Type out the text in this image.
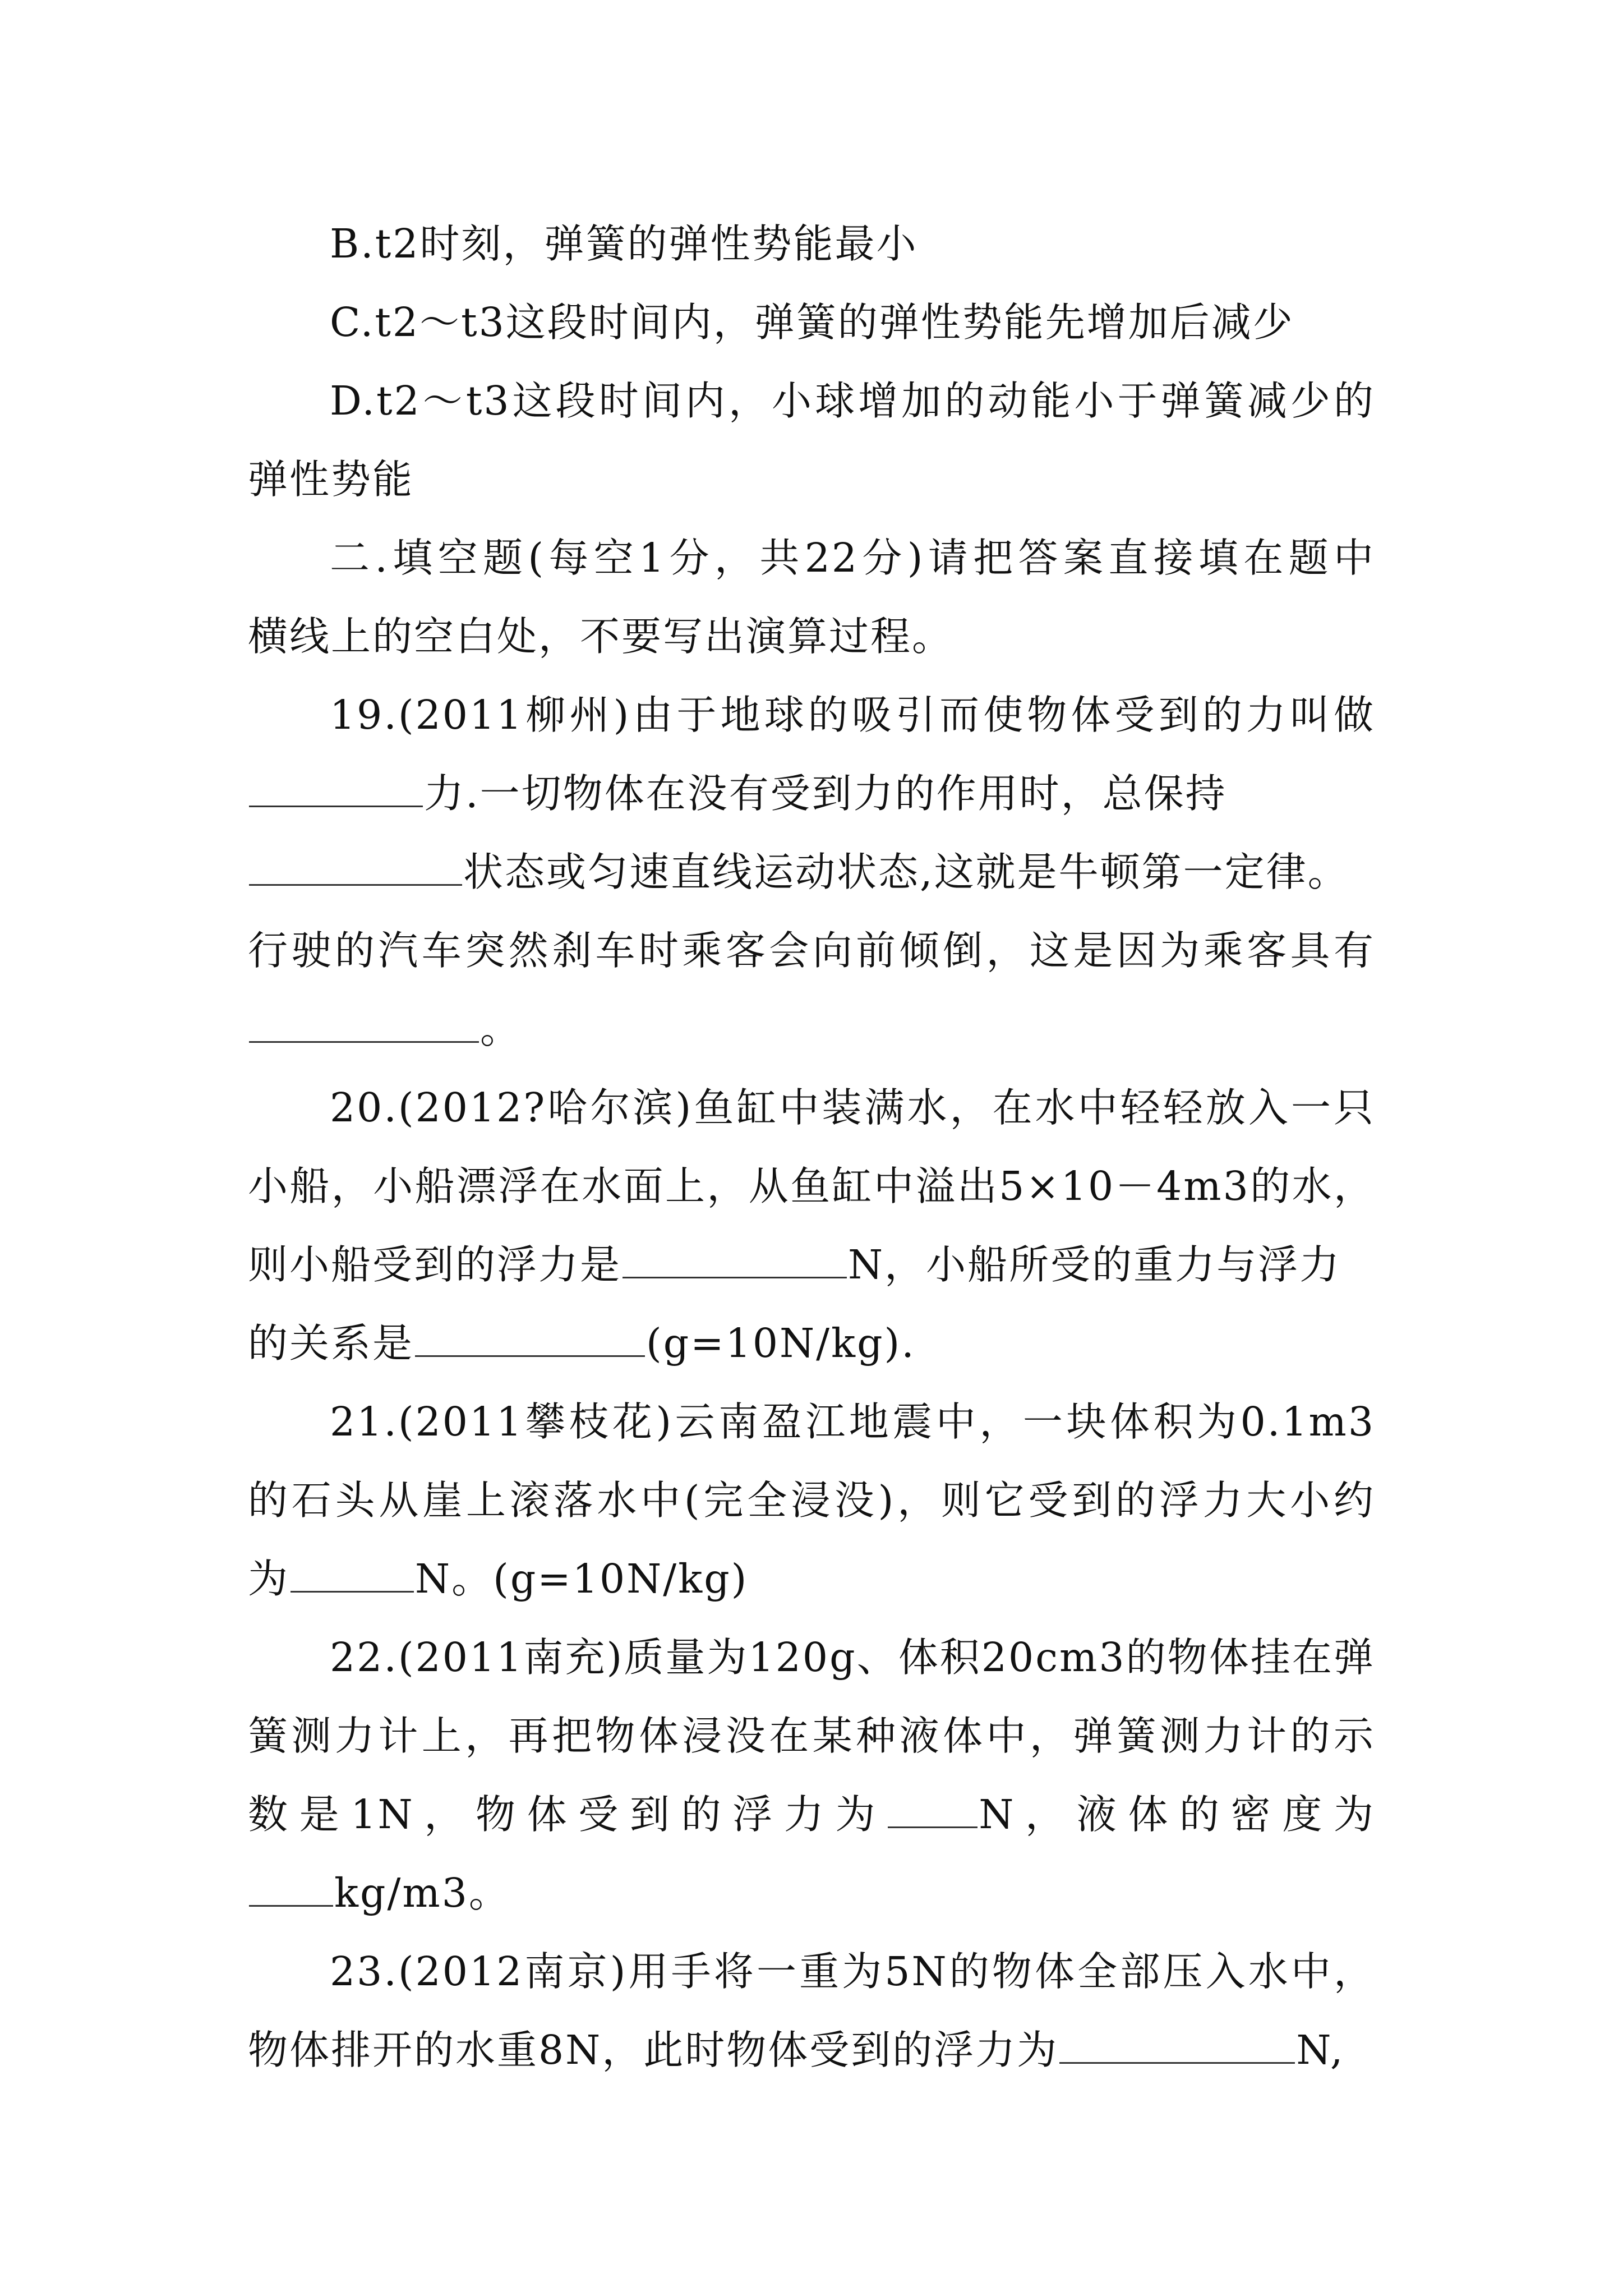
B.t2时刻，弹簧的弹性势能最小
C.t2～t3这段时间内，弹簧的弹性势能先增加后减少
D.t2～t3这段时间内，小球增加的动能小于弹簧减少的
弹性势能
二.填空题(每空1分，共22分)请把答案直接填在题中
横线上的空白处，不要写出演算过程。
19.(2011柳州)由于地球的吸引而使物体受到的力叫做
力.一切物体在没有受到力的作用时，总保持
状态或匀速直线运动状态,这就是牛顿第一定律。
行驶的汽车突然刹车时乘客会向前倾倒，这是因为乘客具有
。
20.(2012?哈尔滨)鱼缸中装满水，在水中轻轻放入一只
小船，小船漂浮在水面上，从鱼缸中溢出5×10－4m3的水，
则小船受到的浮力是	N，小船所受的重力与浮力
的关系是	(g=10N/kg).
21.(2011攀枝花)云南盈江地震中，一块体积为0.1m3
的石头从崖上滚落水中(完全浸没)，则它受到的浮力大小约
为	N。(g=10N/kg)
22.(2011南充)质量为120g、体积20cm3的物体挂在弹
簧测力计上，再把物体浸没在某种液体中，弹簧测力计的示
数是1N，物体受到的浮力为 N，液体的密度为
kg/m3。
23.(2012南京)用手将一重为5N的物体全部压入水中，
物体排开的水重8N，此时物体受到的浮力为	N,
